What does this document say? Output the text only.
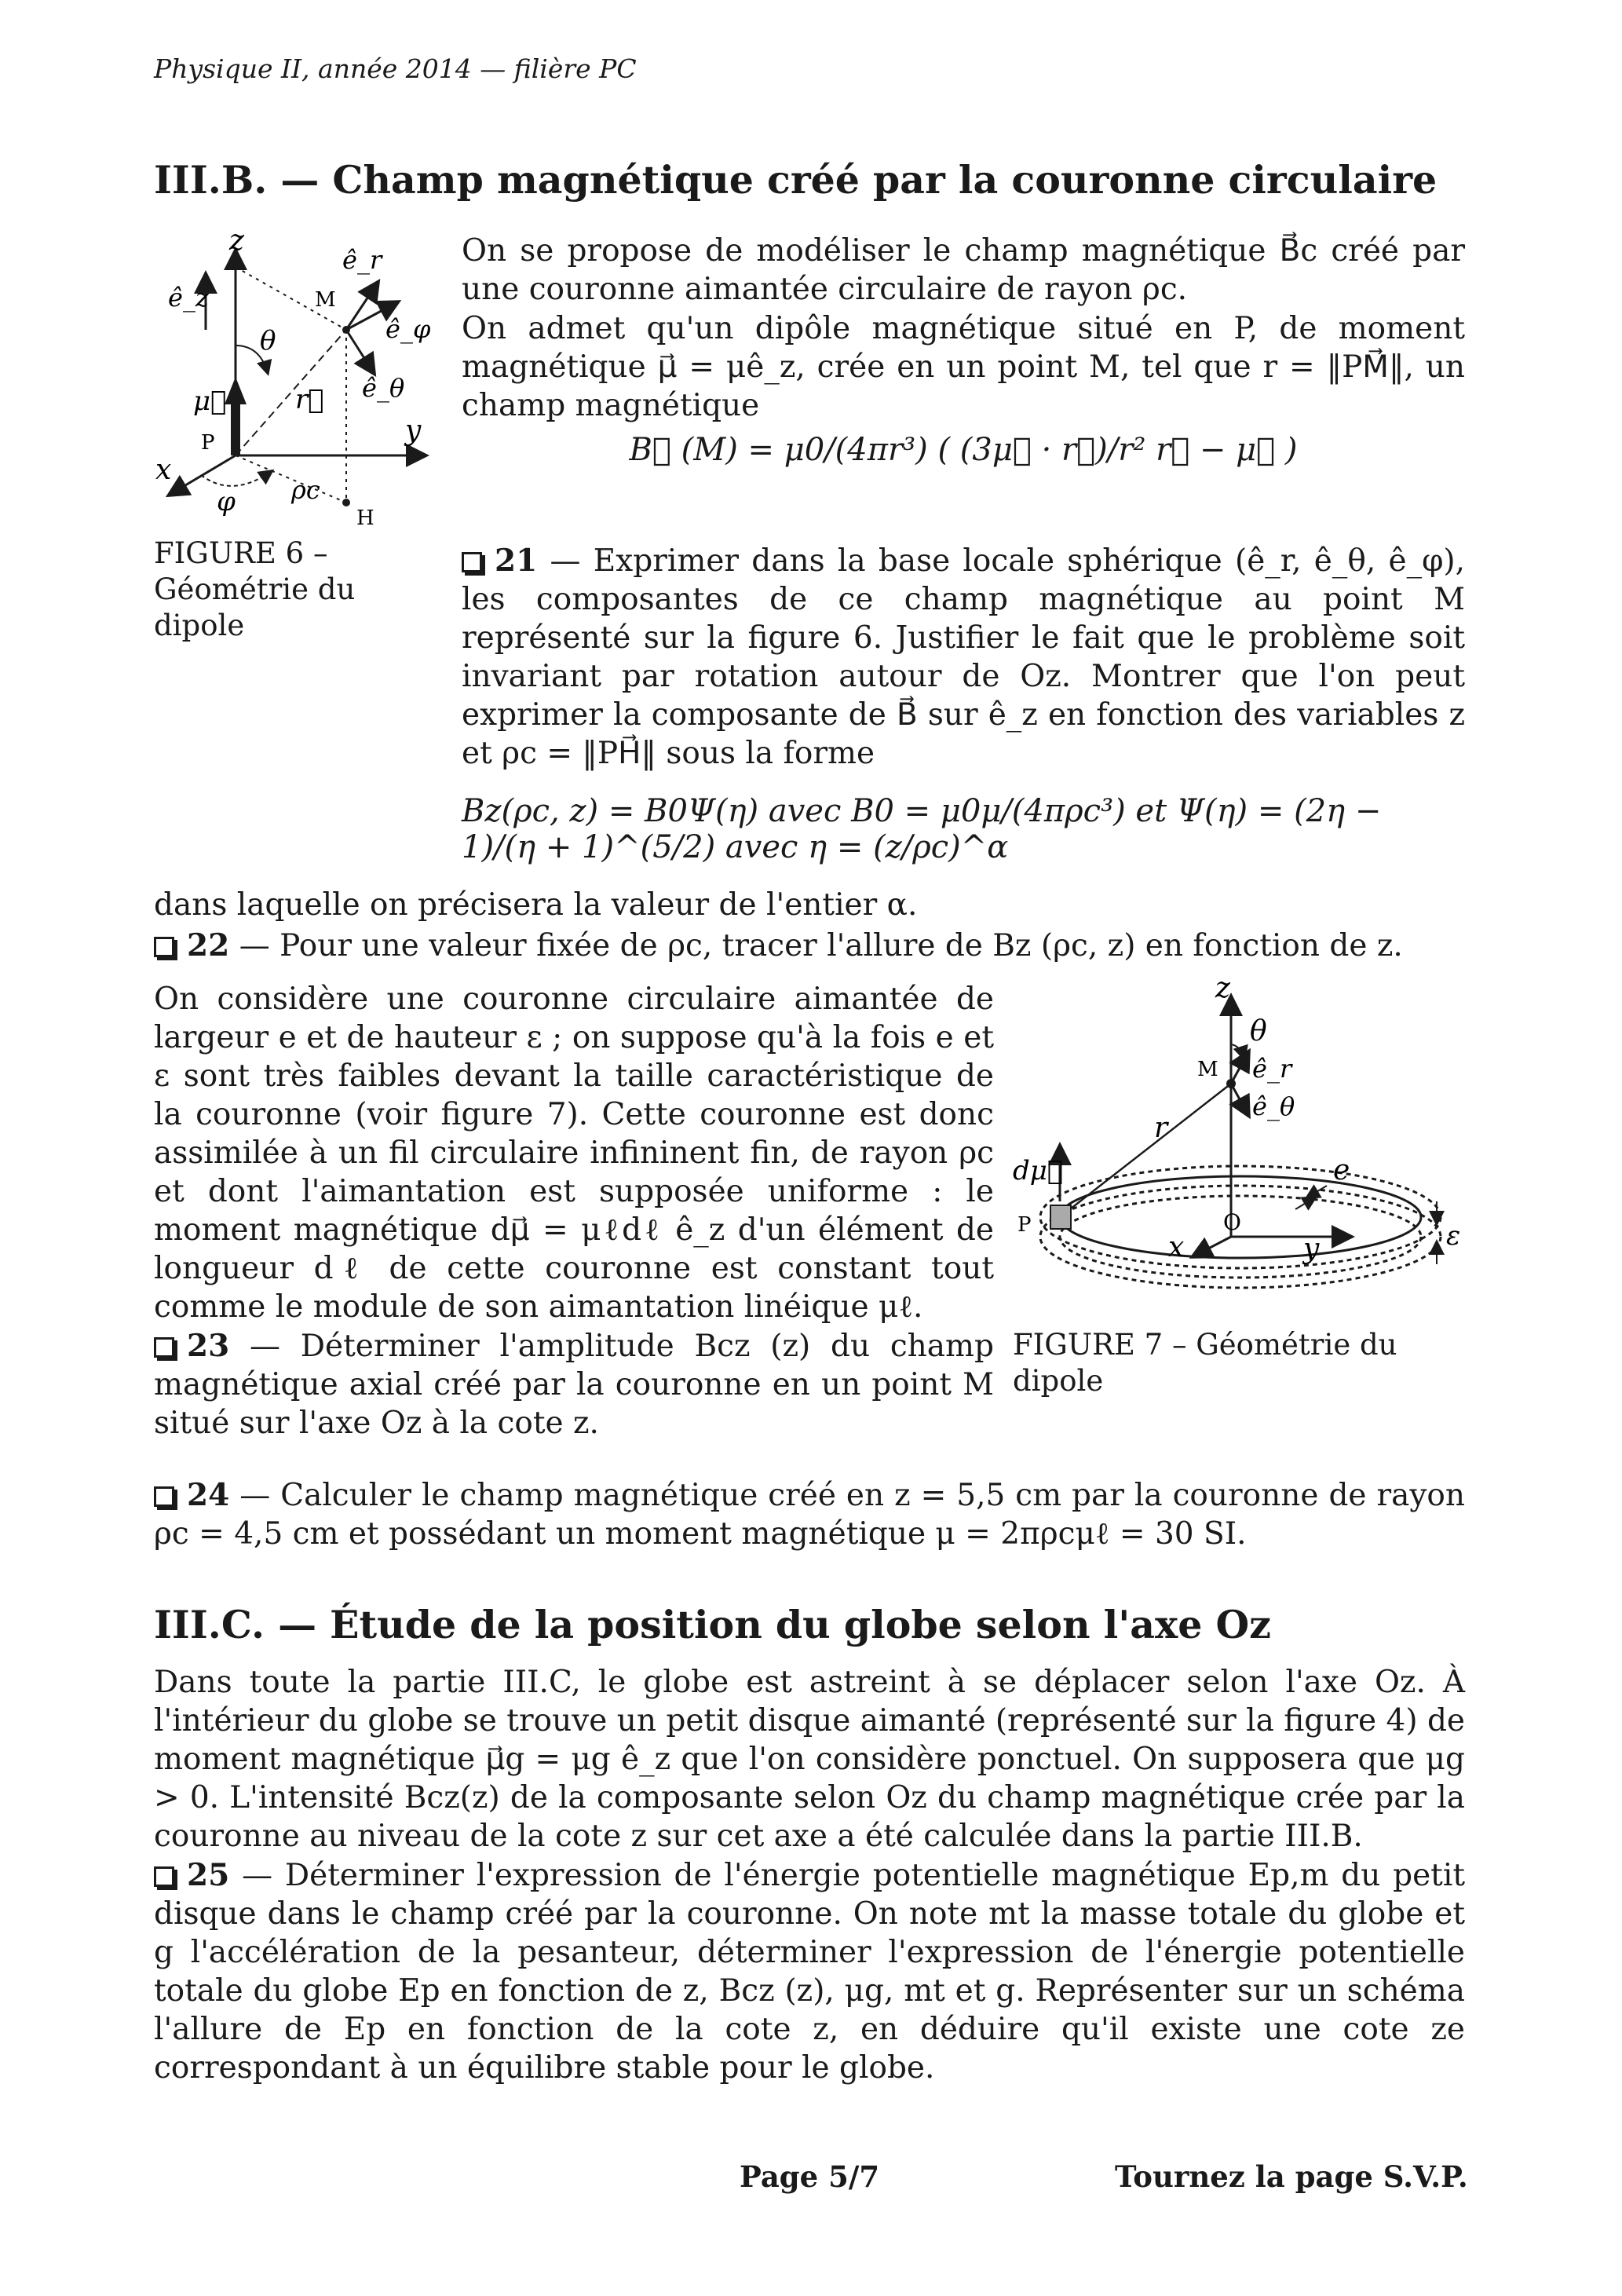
Physique II, année 2014 — filière PC
III.B. — Champ magnétique créé par la couronne circulaire
z
ê_z
ê_r
M
ê_φ
θ
μ⃗	r⃗ ê_θ
y
P
x
ρc
φ
H
FIGURE 6 – Géométrie du dipole
On se propose de modéliser le champ magnétique B⃗c créé par une couronne aimantée circulaire de rayon ρc.
On admet qu'un dipôle magnétique situé en P, de moment magnétique μ⃗ = μê_z, crée en un point M, tel que r = ‖PM⃗‖, un champ magnétique
B⃗ (M) = μ0/(4πr³) ( (3μ⃗ · r⃗)/r² r⃗ − μ⃗ )
21 — Exprimer dans la base locale sphérique (ê_r, ê_θ, ê_φ), les composantes de ce champ magnétique au point M représenté sur la figure 6. Justifier le fait que le problème soit invariant par rotation autour de Oz. Montrer que l'on peut exprimer la composante de B⃗ sur ê_z en fonction des variables z et ρc = ‖PH⃗‖ sous la forme
Bz(ρc, z) = B0Ψ(η) avec B0 = μ0μ/(4πρc³) et Ψ(η) = (2η − 1)/(η + 1)^(5/2) avec η = (z/ρc)^α
dans laquelle on précisera la valeur de l'entier α.
22 — Pour une valeur fixée de ρc, tracer l'allure de Bz (ρc, z) en fonction de z.
On considère une couronne circulaire aimantée de largeur e et de hauteur ε ; on suppose qu'à la fois e et ε sont très faibles devant la taille caractéristique de la couronne (voir figure 7). Cette couronne est donc assimilée à un fil circulaire infininent fin, de rayon ρc et dont l'aimantation est supposée uniforme : le moment magnétique dμ⃗ = μℓdℓ ê_z d'un élément de longueur dℓ de cette couronne est constant tout comme le module de son aimantation linéique μℓ.
z
θ
M ê_r
ê_θ
r
dμ⃗	e
P	O
x	y	ε
FIGURE 7 – Géométrie du dipole
23 — Déterminer l'amplitude Bcz (z) du champ magnétique axial créé par la couronne en un point M situé sur l'axe Oz à la cote z.
24 — Calculer le champ magnétique créé en z = 5,5 cm par la couronne de rayon ρc = 4,5 cm et possédant un moment magnétique μ = 2πρcμℓ = 30 SI.
III.C. — Étude de la position du globe selon l'axe Oz
Dans toute la partie III.C, le globe est astreint à se déplacer selon l'axe Oz. À l'intérieur du globe se trouve un petit disque aimanté (représenté sur la figure 4) de moment magnétique μ⃗g = μg ê_z que l'on considère ponctuel. On supposera que μg > 0. L'intensité Bcz(z) de la composante selon Oz du champ magnétique crée par la couronne au niveau de la cote z sur cet axe a été calculée dans la partie III.B.
25 — Déterminer l'expression de l'énergie potentielle magnétique Ep,m du petit disque dans le champ créé par la couronne. On note mt la masse totale du globe et g l'accélération de la pesanteur, déterminer l'expression de l'énergie potentielle totale du globe Ep en fonction de z, Bcz (z), μg, mt et g. Représenter sur un schéma l'allure de Ep en fonction de la cote z, en déduire qu'il existe une cote ze correspondant à un équilibre stable pour le globe.
Page 5/7	Tournez la page S.V.P.
